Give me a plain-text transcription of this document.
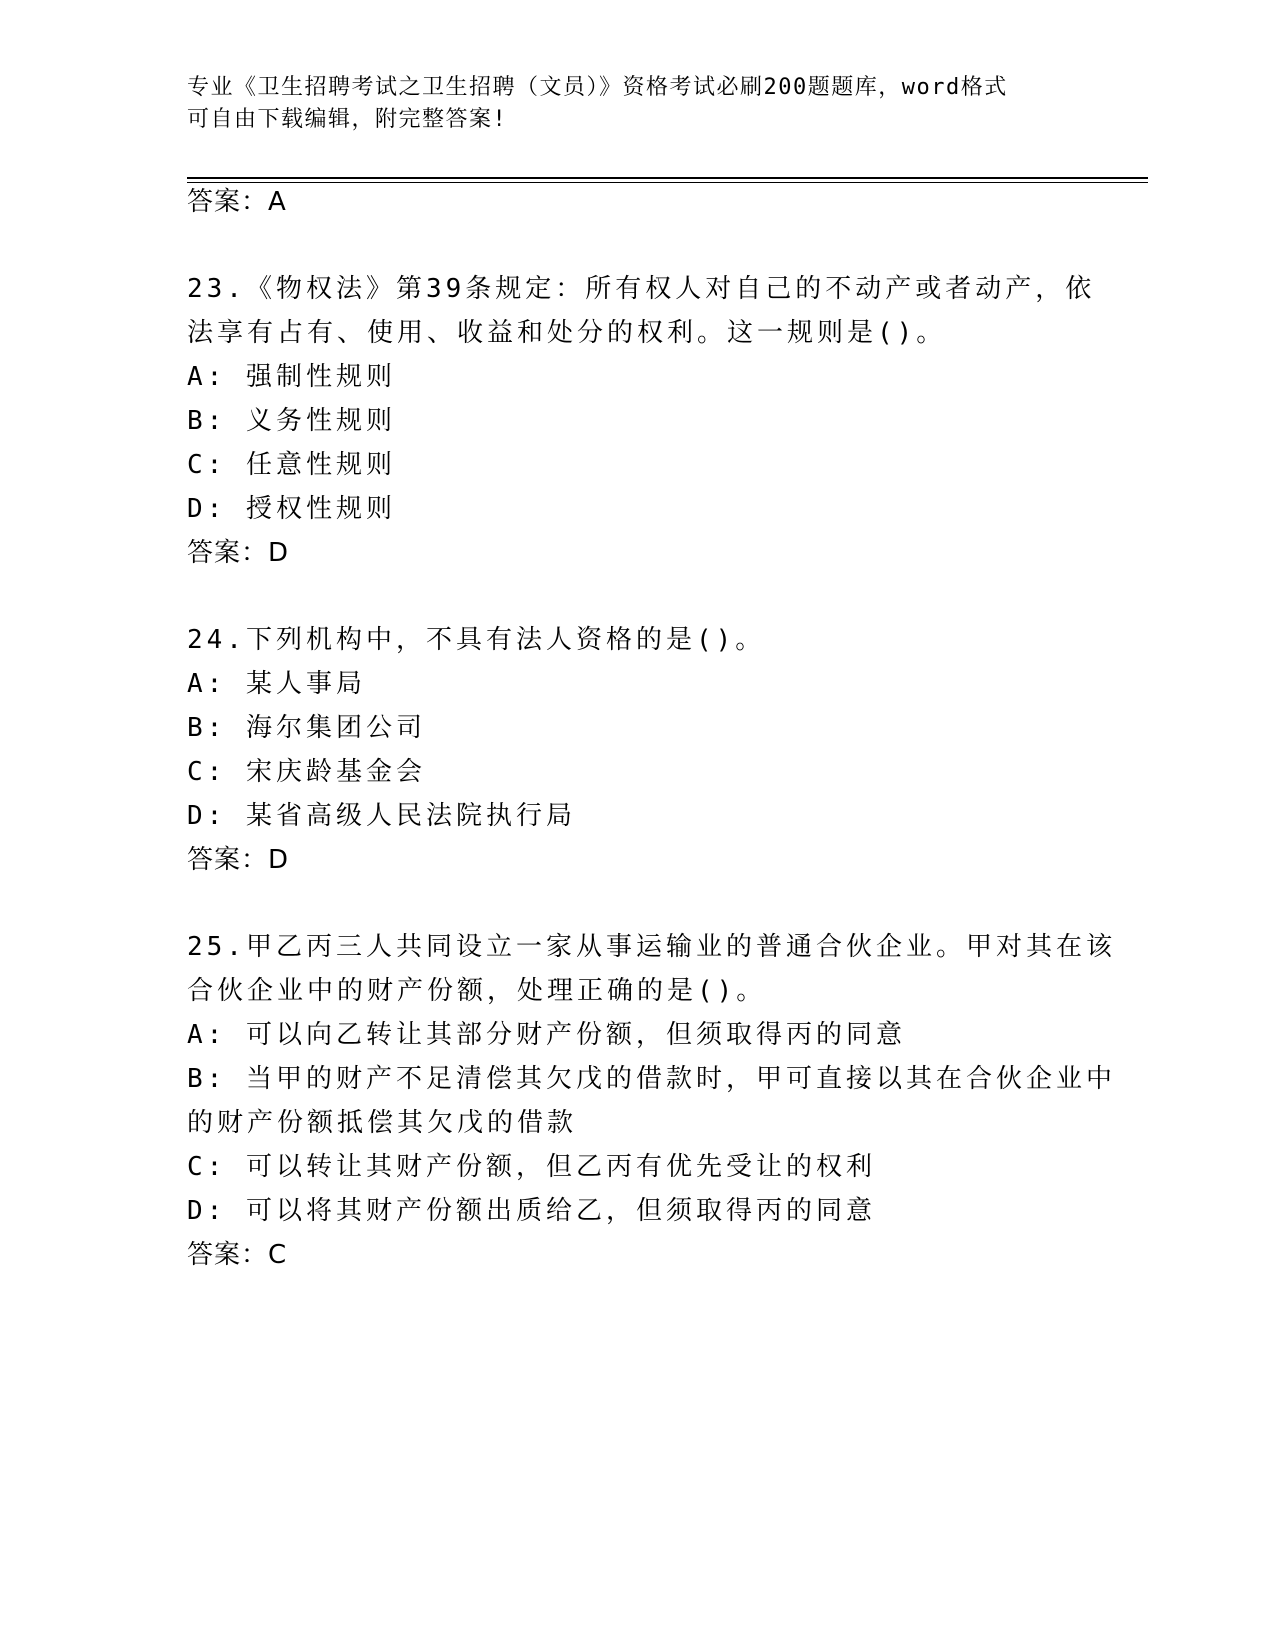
专业《卫生招聘考试之卫生招聘（文员）》资格考试必刷200题题库，word格式
可自由下载编辑，附完整答案!

答案：A

23.《物权法》第39条规定：所有权人对自己的不动产或者动产，依

法享有占有、使用、收益和处分的权利。这一规则是()。

A: 强制性规则

B: 义务性规则

C: 任意性规则

D: 授权性规则

答案：D

24.下列机构中，不具有法人资格的是()。

A: 某人事局

B: 海尔集团公司

C: 宋庆龄基金会

D: 某省高级人民法院执行局

答案：D

25.甲乙丙三人共同设立一家从事运输业的普通合伙企业。甲对其在该

合伙企业中的财产份额，处理正确的是()。

A: 可以向乙转让其部分财产份额，但须取得丙的同意

B: 当甲的财产不足清偿其欠戊的借款时，甲可直接以其在合伙企业中

的财产份额抵偿其欠戊的借款

C: 可以转让其财产份额，但乙丙有优先受让的权利

D: 可以将其财产份额出质给乙，但须取得丙的同意

答案：C
